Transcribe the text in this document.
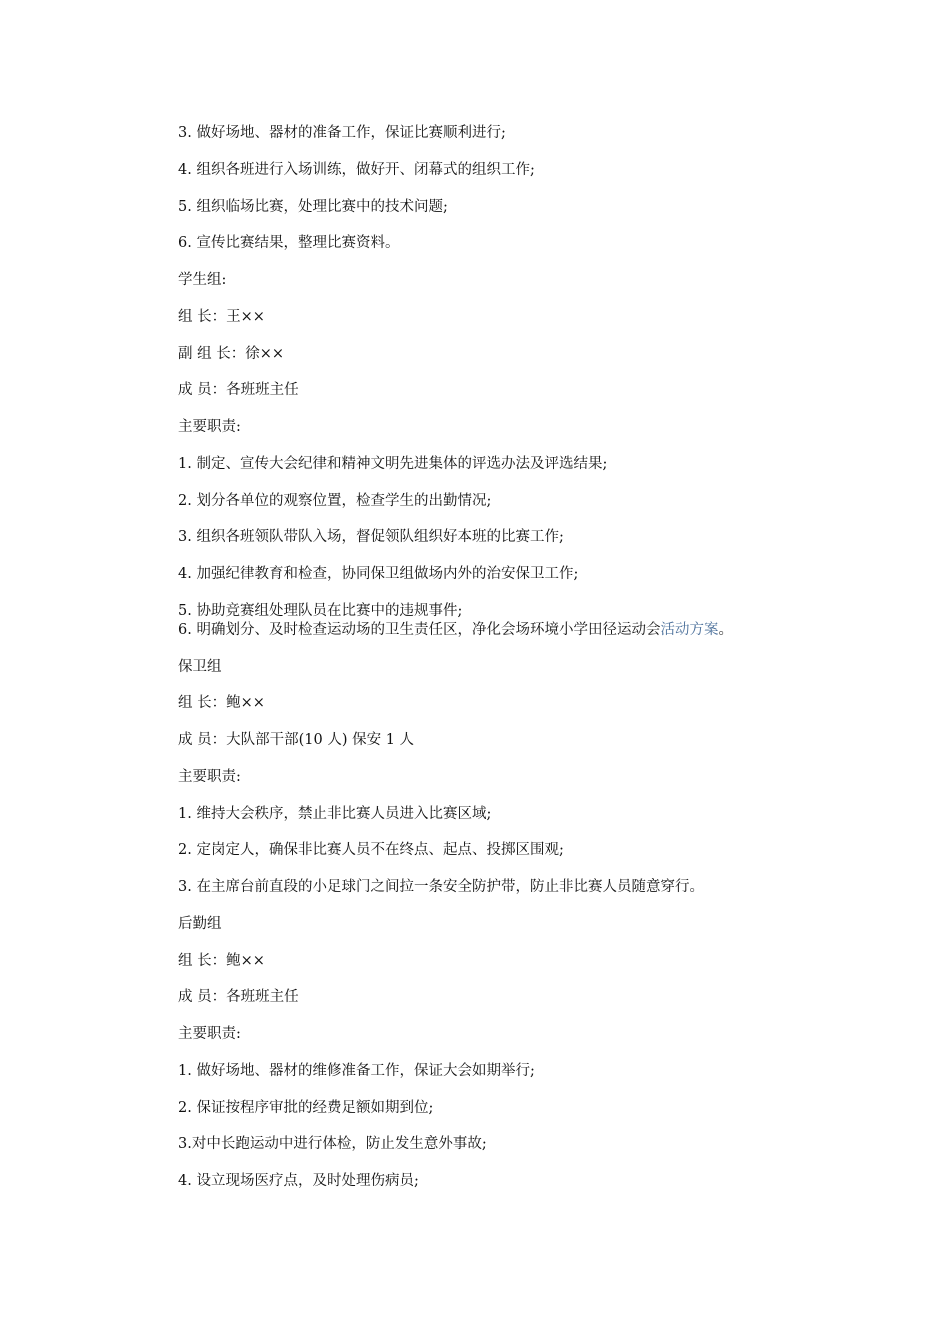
3. 做好场地、器材的准备工作，保证比赛顺利进行;
4. 组织各班进行入场训练，做好开、闭幕式的组织工作;
5. 组织临场比赛，处理比赛中的技术问题;
6. 宣传比赛结果，整理比赛资料。
学生组:
组 长：王××
副 组 长：徐××
成 员：各班班主任
主要职责:
1. 制定、宣传大会纪律和精神文明先进集体的评选办法及评选结果;
2. 划分各单位的观察位置，检查学生的出勤情况;
3. 组织各班领队带队入场，督促领队组织好本班的比赛工作;
4. 加强纪律教育和检查，协同保卫组做场内外的治安保卫工作;
5. 协助竞赛组处理队员在比赛中的违规事件;
6. 明确划分、及时检查运动场的卫生责任区，净化会场环境小学田径运动会活动方案。
保卫组
组 长：鲍××
成 员：大队部干部(10 人) 保安 1 人
主要职责:
1. 维持大会秩序，禁止非比赛人员进入比赛区域;
2. 定岗定人，确保非比赛人员不在终点、起点、投掷区围观;
3. 在主席台前直段的小足球门之间拉一条安全防护带，防止非比赛人员随意穿行。
后勤组
组 长：鲍××
成 员：各班班主任
主要职责:
1. 做好场地、器材的维修准备工作，保证大会如期举行;
2. 保证按程序审批的经费足额如期到位;
3.对中长跑运动中进行体检，防止发生意外事故;
4. 设立现场医疗点，及时处理伤病员;
